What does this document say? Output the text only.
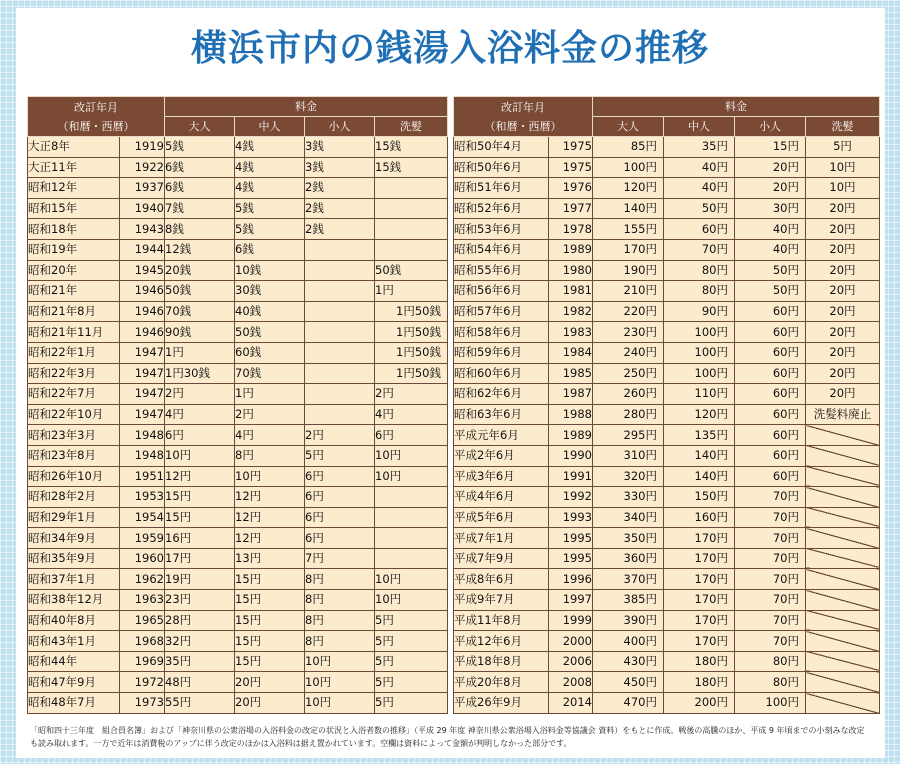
横浜市内の銭湯入浴料金の推移
改訂年月
（和暦・西暦）		料金			
		大人	中人	小人	洗髪
大正8年	1919	5銭	4銭	3銭	15銭
大正11年	1922	6銭	4銭	3銭	15銭
昭和12年	1937	6銭	4銭	2銭	
昭和15年	1940	7銭	5銭	2銭	
昭和18年	1943	8銭	5銭	2銭	
昭和19年	1944	12銭	6銭		
昭和20年	1945	20銭	10銭		50銭
昭和21年	1946	50銭	30銭		1円
昭和21年8月	1946	70銭	40銭		1円50銭
昭和21年11月	1946	90銭	50銭		1円50銭
昭和22年1月	1947	1円	60銭		1円50銭
昭和22年3月	1947	1円30銭	70銭		1円50銭
昭和22年7月	1947	2円	1円		2円
昭和22年10月	1947	4円	2円		4円
昭和23年3月	1948	6円	4円	2円	6円
昭和23年8月	1948	10円	8円	5円	10円
昭和26年10月	1951	12円	10円	6円	10円
昭和28年2月	1953	15円	12円	6円	
昭和29年1月	1954	15円	12円	6円	
昭和34年9月	1959	16円	12円	6円	
昭和35年9月	1960	17円	13円	7円	
昭和37年1月	1962	19円	15円	8円	10円
昭和38年12月	1963	23円	15円	8円	10円
昭和40年8月	1965	28円	15円	8円	5円
昭和43年1月	1968	32円	15円	8円	5円
昭和44年	1969	35円	15円	10円	5円
昭和47年9月	1972	48円	20円	10円	5円
昭和48年7月	1973	55円	20円	10円	5円
改訂年月
（和暦・西暦）		料金			
		大人	中人	小人	洗髪
昭和50年4月	1975	85円	35円	15円	5円
昭和50年6月	1975	100円	40円	20円	10円
昭和51年6月	1976	120円	40円	20円	10円
昭和52年6月	1977	140円	50円	30円	20円
昭和53年6月	1978	155円	60円	40円	20円
昭和54年6月	1989	170円	70円	40円	20円
昭和55年6月	1980	190円	80円	50円	20円
昭和56年6月	1981	210円	80円	50円	20円
昭和57年6月	1982	220円	90円	60円	20円
昭和58年6月	1983	230円	100円	60円	20円
昭和59年6月	1984	240円	100円	60円	20円
昭和60年6月	1985	250円	100円	60円	20円
昭和62年6月	1987	260円	110円	60円	20円
昭和63年6月	1988	280円	120円	60円	洗髪料廃止
平成元年6月	1989	295円	135円	60円	
平成2年6月	1990	310円	140円	60円	
平成3年6月	1991	320円	140円	60円	
平成4年6月	1992	330円	150円	70円	
平成5年6月	1993	340円	160円	70円	
平成7年1月	1995	350円	170円	70円	
平成7年9月	1995	360円	170円	70円	
平成8年6月	1996	370円	170円	70円	
平成9年7月	1997	385円	170円	70円	
平成11年8月	1999	390円	170円	70円	
平成12年6月	2000	400円	170円	70円	
平成18年8月	2006	430円	180円	80円	
平成20年8月	2008	450円	180円	80円	
平成26年9月	2014	470円	200円	100円	
「昭和四十三年度　組合員名簿」および「神奈川県の公衆浴場の入浴料金の改定の状況と入浴者数の推移」（平成 29 年度 神奈川県公衆浴場入浴料金等協議会 資料）をもとに作成。戦後の高騰のほか、平成 9 年頃までの小刻みな改定も読み取れます。一方で近年は消費税のアップに伴う改定のほかは入浴料は据え置かれています。空欄は資料によって金額が判明しなかった部分です。
